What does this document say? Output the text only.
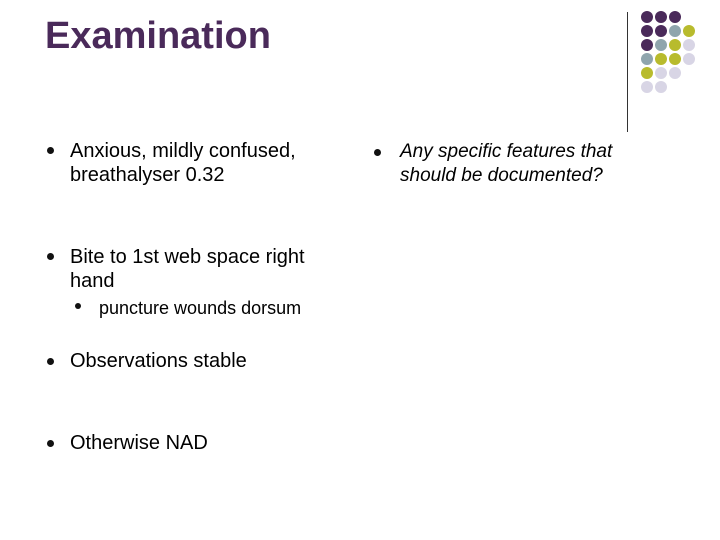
Examination
Anxious, mildly confused,
breathalyser 0.32
Bite to 1st web space right
hand
puncture wounds dorsum
Observations stable
Otherwise NAD
Any specific features that
should be documented?
